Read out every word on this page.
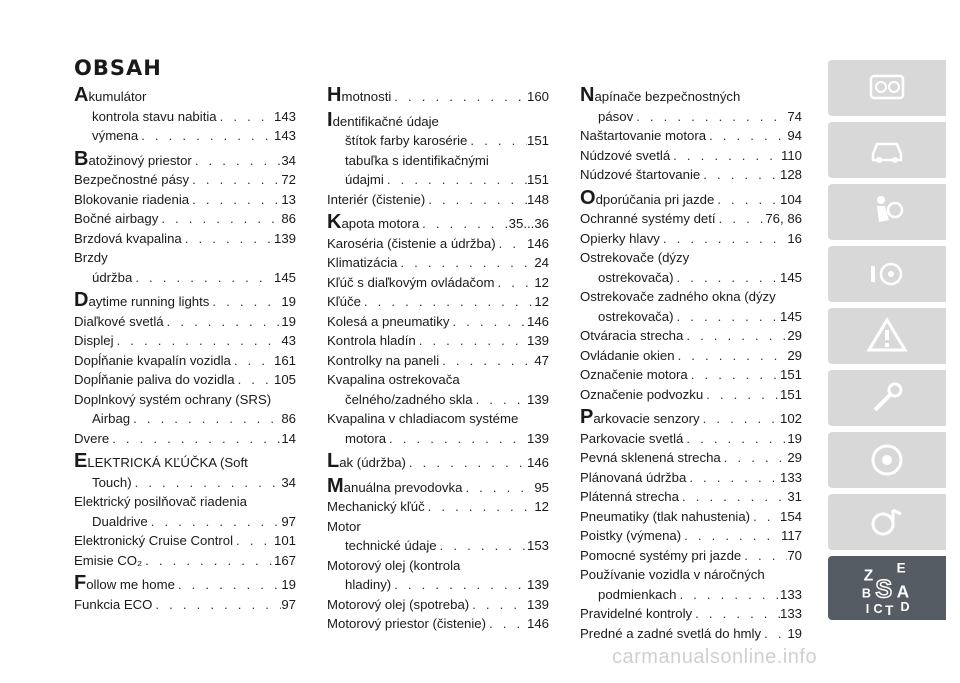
OBSAH
Akumulátor
kontrola stavu nabitia . . .	143
výmena . . .	143
Batožinový priestor . . .	34
Bezpečnostné pásy . . .	72
Blokovanie riadenia . . .	13
Bočné airbagy . . .	86
Brzdová kvapalina . . .	139
Brzdy
údržba . . .	145
Daytime running lights . . .	19
Diaľkové svetlá . . .	19
Displej . . .	43
Dopĺňanie kvapalín vozidla . . .	161
Dopĺňanie paliva do vozidla . . .	105
Doplnkový systém ochrany (SRS)
Airbag . . .	86
Dvere . . .	14
ELEKTRICKÁ KĽÚČKA (Soft
Touch) . . .	34
Elektrický posilňovač riadenia
Dualdrive . . .	97
Elektronický Cruise Control . . .	101
Emisie CO₂ . . .	167
Follow me home . . .	19
Funkcia ECO . . .	97
Hmotnosti . . .	160
Identifikačné údaje
štítok farby karosérie . . .	151
tabuľka s identifikačnými
údajmi . . .	151
Interiér (čistenie) . . .	148
Kapota motora . . .	35...36
Karoséria (čistenie a údržba) . . . 146
Klimatizácia . . .	24
Kľúč s diaľkovým ovládačom . . .	12
Kľúče . . .	12
Kolesá a pneumatiky . . .	146
Kontrola hladín . . .	139
Kontrolky na paneli . . .	47
Kvapalina ostrekovača
čelného/zadného skla . . .	139
Kvapalina v chladiacom systéme
motora . . .	139
Lak (údržba) . . .	146
Manuálna prevodovka . . .	95
Mechanický kľúč . . .	12
Motor
technické údaje . . .	153
Motorový olej (kontrola
hladiny) . . .	139
Motorový olej (spotreba) . . .	139
Motorový priestor (čistenie) . . .	146
Napínače bezpečnostných
pásov . . .	74
Naštartovanie motora . . .	94
Núdzové svetlá . . .	110
Núdzové štartovanie . . .	128
Odporúčania pri jazde . . .	104
Ochranné systémy detí . . .	76, 86
Opierky hlavy . . .	16
Ostrekovače (dýzy
ostrekovača) . . .	145
Ostrekovače zadného okna (dýzy
ostrekovača) . . .	145
Otváracia strecha . . .	29
Ovládanie okien . . .	29
Označenie motora . . .	151
Označenie podvozku . . .	151
Parkovacie senzory . . .	102
Parkovacie svetlá . . .	19
Pevná sklenená strecha . . .	29
Plánovaná údržba . . .	133
Plátenná strecha . . .	31
Pneumatiky (tlak nahustenia) . . . 154
Poistky (výmena) . . .	117
Pomocné systémy pri jazde . . .	70
Používanie vozidla v náročných
podmienkach . . .	133
Pravidelné kontroly . . .	133
Predné a zadné svetlá do hmly . . . 19
Z E
B S A
I C T D
carmanualsonline.info
